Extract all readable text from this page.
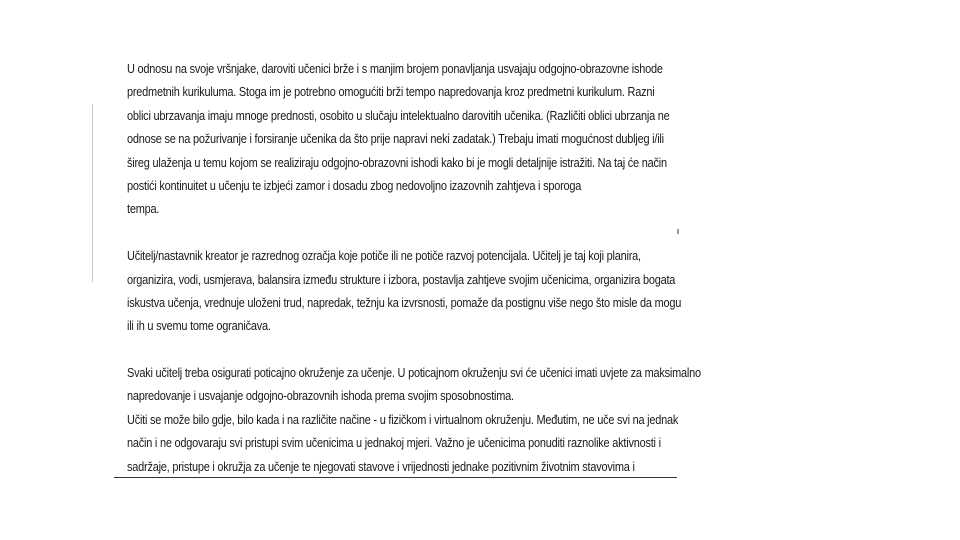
U odnosu na svoje vršnjake, daroviti učenici brže i s manjim brojem ponavljanja usvajaju odgojno-obrazovne ishode
predmetnih kurikuluma. Stoga im je potrebno omogućiti brži tempo napredovanja kroz predmetni kurikulum. Razni
oblici ubrzavanja imaju mnoge prednosti, osobito u slučaju intelektualno darovitih učenika. (Različiti oblici ubrzanja ne
odnose se na požurivanje i forsiranje učenika da što prije napravi neki zadatak.) Trebaju imati mogućnost dubljeg i/ili
šireg ulaženja u temu kojom se realiziraju odgojno-obrazovni ishodi kako bi je mogli detaljnije istražiti. Na taj će način
postići kontinuitet u učenju te izbjeći zamor i dosadu zbog nedovoljno izazovnih zahtjeva i sporoga
tempa.
Učitelj/nastavnik kreator je razrednog ozračja koje potiče ili ne potiče razvoj potencijala. Učitelj je taj koji planira,
organizira, vodi, usmjerava, balansira između strukture i izbora, postavlja zahtjeve svojim učenicima, organizira bogata
iskustva učenja, vrednuje uloženi trud, napredak, težnju ka izvrsnosti, pomaže da postignu više nego što misle da mogu
ili ih u svemu tome ograničava.
Svaki učitelj treba osigurati poticajno okruženje za učenje. U poticajnom okruženju svi će učenici imati uvjete za maksimalno
napredovanje i usvajanje odgojno-obrazovnih ishoda prema svojim sposobnostima.
Učiti se može bilo gdje, bilo kada i na različite načine - u fizičkom i virtualnom okruženju. Međutim, ne uče svi na jednak
način i ne odgovaraju svi pristupi svim učenicima u jednakoj mjeri. Važno je učenicima ponuditi raznolike aktivnosti i
sadržaje, pristupe i okružja za učenje te njegovati stavove i vrijednosti jednake pozitivnim životnim stavovima i
